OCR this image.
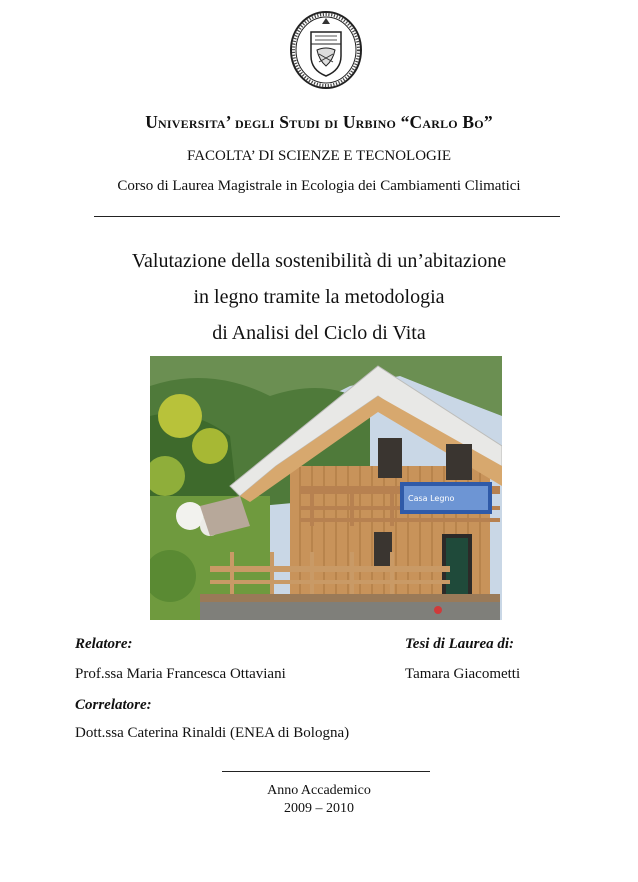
Universita’ degli Studi di Urbino “Carlo Bo”
FACOLTA’ DI SCIENZE E TECNOLOGIE
Corso di Laurea Magistrale in Ecologia dei Cambiamenti Climatici
Valutazione della sostenibilità di un’abitazione
in legno tramite la metodologia
di Analisi del Ciclo di Vita
Casa Legno
Relatore:
Prof.ssa Maria Francesca Ottaviani
Correlatore:
Dott.ssa Caterina Rinaldi (ENEA di Bologna)
Tesi di Laurea di:
Tamara Giacometti
Anno Accademico
2009 – 2010
